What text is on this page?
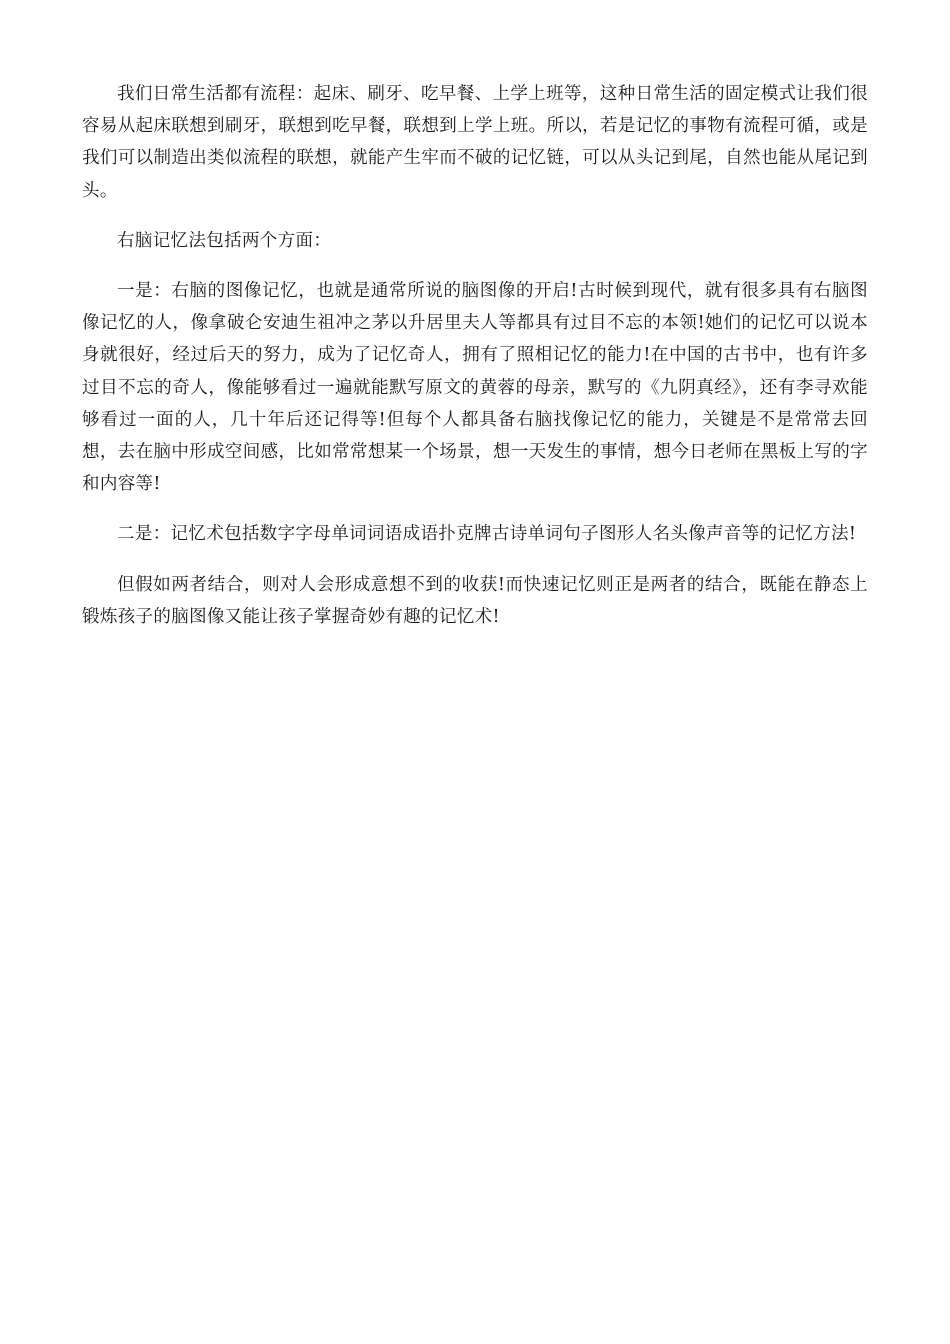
我们日常生活都有流程：起床、刷牙、吃早餐、上学上班等，这种日常生活的固定模式让我们很容易从起床联想到刷牙，联想到吃早餐，联想到上学上班。所以，若是记忆的事物有流程可循，或是我们可以制造出类似流程的联想，就能产生牢而不破的记忆链，可以从头记到尾，自然也能从尾记到头。

右脑记忆法包括两个方面：

一是：右脑的图像记忆，也就是通常所说的脑图像的开启!古时候到现代，就有很多具有右脑图像记忆的人，像拿破仑安迪生祖冲之茅以升居里夫人等都具有过目不忘的本领!她们的记忆可以说本身就很好，经过后天的努力，成为了记忆奇人，拥有了照相记忆的能力!在中国的古书中，也有许多过目不忘的奇人，像能够看过一遍就能默写原文的黄蓉的母亲，默写的《九阴真经》，还有李寻欢能够看过一面的人，几十年后还记得等!但每个人都具备右脑找像记忆的能力，关键是不是常常去回想，去在脑中形成空间感，比如常常想某一个场景，想一天发生的事情，想今日老师在黑板上写的字和内容等!

二是：记忆术包括数字字母单词词语成语扑克牌古诗单词句子图形人名头像声音等的记忆方法!

但假如两者结合，则对人会形成意想不到的收获!而快速记忆则正是两者的结合，既能在静态上锻炼孩子的脑图像又能让孩子掌握奇妙有趣的记忆术!
